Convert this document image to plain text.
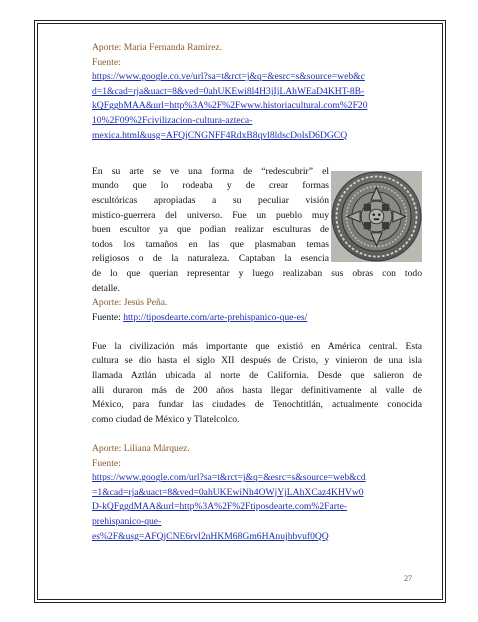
Aporte: Maria Fernanda Ramirez.
Fuente:
https://www.google.co.ve/url?sa=t&rct=j&q=&esrc=s&source=web&c
d=1&cad=rja&uact=8&ved=0ahUKEwi8l4H3jIjLAhWEaD4KHT-8B-
kQFggbMAA&url=http%3A%2F%2Fwww.historiacultural.com%2F20
10%2F09%2Fcivilizacion-cultura-azteca-
mexica.html&usg=AFQjCNGNFF4RdxB8qvl8ldscDolsD6DGCQ
En su arte se ve una forma de “redescubrir” el
mundo que lo rodeaba y de crear formas
escultóricas apropiadas a su peculiar visión
mistico-guerrera del universo. Fue un pueblo muy
buen escultor ya que podian realizar esculturas de
todos los tamaños en las que plasmaban temas
religiosos o de la naturaleza. Captaban la esencia
de lo que querian representar y luego realizaban sus obras con todo
detalle.
Aporte: Jesús Peña.
Fuente: http://tiposdearte.com/arte-prehispanico-que-es/
Fue la civilización más importante que existió en América central. Esta
cultura se dio hasta el siglo XII después de Cristo, y vinieron de una isla
llamada Aztlán ubicada al norte de California. Desde que salieron de
alli duraron más de 200 años hasta llegar definitivamente al valle de
México, para fundar las ciudades de Tenochtitlán, actualmente conocida
como ciudad de México y Tlatelcolco.
Aporte: Liliana Márquez.
Fuente:
https://www.google.com/url?sa=t&rct=j&q=&esrc=s&source=web&cd
=1&cad=rja&uact=8&ved=0ahUKEwiNh4OWjYjLAhXCaz4KHVw0
D-kQFggdMAA&url=http%3A%2F%2Ftiposdearte.com%2Farte-
prehispanico-que-
es%2F&usg=AFQjCNE6rvl2nHKM68Gm6HAnujhbvuf0QQ
27
